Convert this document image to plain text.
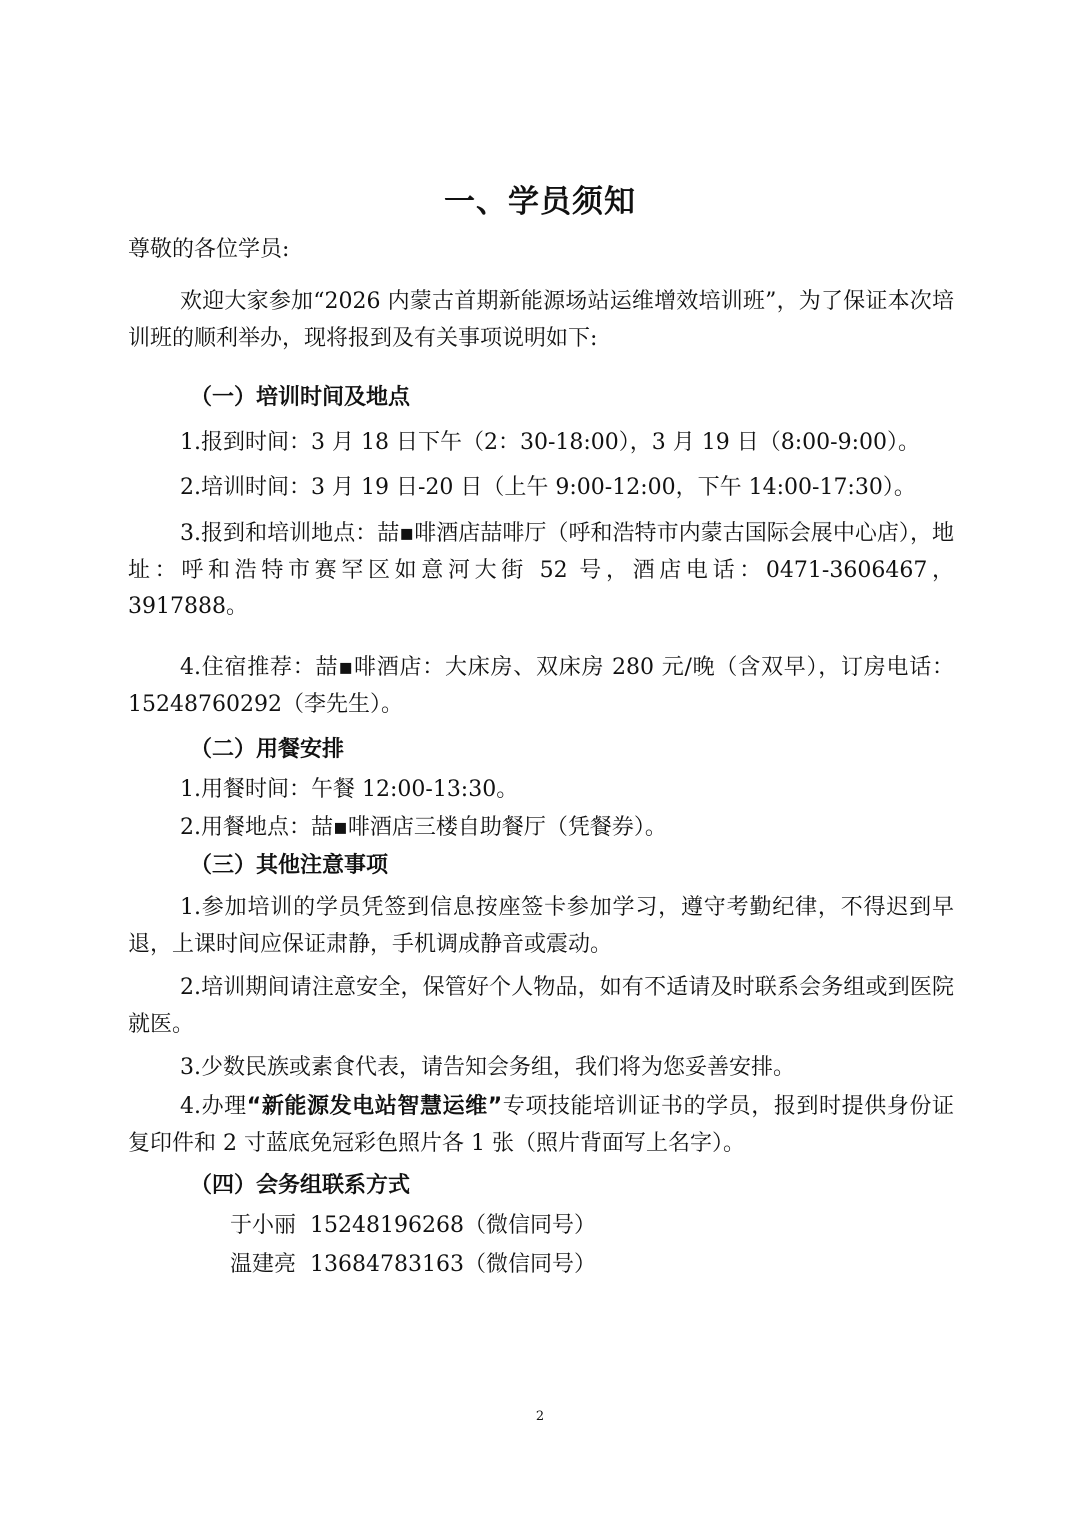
一、学员须知
尊敬的各位学员:
欢迎大家参加“2026 内蒙古首期新能源场站运维增效培训班”，为了保证本次培训班的顺利举办，现将报到及有关事项说明如下:
（一）培训时间及地点
1.报到时间：3 月 18 日下午（2：30-18:00），3 月 19 日（8:00-9:00）。
2.培训时间：3 月 19 日-20 日（上午 9:00-12:00，下午 14:00-17:30）。
3.报到和培训地点：喆▪啡酒店喆啡厅（呼和浩特市内蒙古国际会展中心店），地址：呼和浩特市赛罕区如意河大街 52 号，酒店电话：0471-3606467，3917888。
4.住宿推荐：喆▪啡酒店：大床房、双床房 280 元/晚（含双早），订房电话：15248760292（李先生）。
（二）用餐安排
1.用餐时间：午餐 12:00-13:30。
2.用餐地点：喆▪啡酒店三楼自助餐厅（凭餐券）。
（三）其他注意事项
1.参加培训的学员凭签到信息按座签卡参加学习，遵守考勤纪律，不得迟到早退，上课时间应保证肃静，手机调成静音或震动。
2.培训期间请注意安全，保管好个人物品，如有不适请及时联系会务组或到医院就医。
3.少数民族或素食代表，请告知会务组，我们将为您妥善安排。
4.办理“新能源发电站智慧运维”专项技能培训证书的学员，报到时提供身份证复印件和 2 寸蓝底免冠彩色照片各 1 张（照片背面写上名字）。
（四）会务组联系方式
于小丽 15248196268（微信同号）
温建亮 13684783163（微信同号）
2
